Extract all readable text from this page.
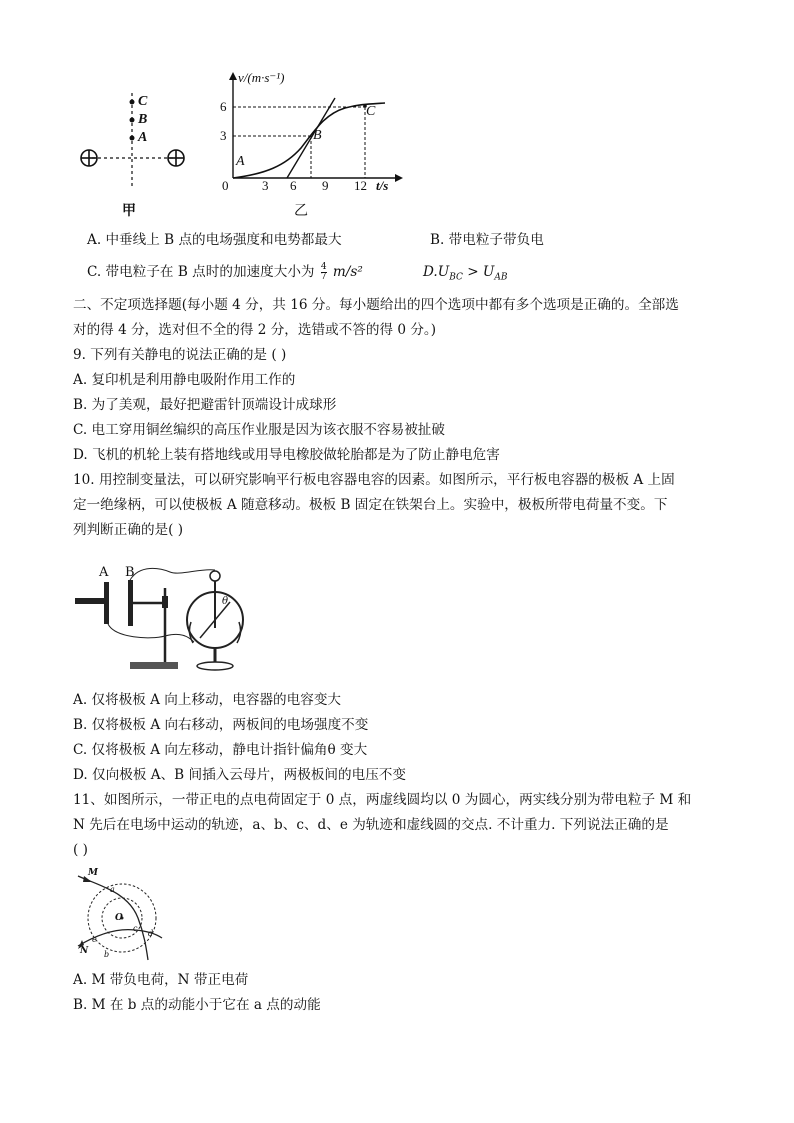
C
B
A
甲
v/(m·s⁻¹)
t/s
6
3
0	3 6 9 12
A
B
C
乙
A. 中垂线上 B 点的电场强度和电势都最大	B. 带电粒子带负电
C. 带电粒子在 B 点时的加速度大小为 $\frac{4}{7} m/s^2$	$D.U_{BC} > U_{AB}$
二、不定项选择题(每小题 4 分，共 16 分。每小题给出的四个选项中都有多个选项是正确的。全部选
对的得 4 分，选对但不全的得 2 分，选错或不答的得 0 分。)
9. 下列有关静电的说法正确的是 ( )
A. 复印机是利用静电吸附作用工作的
B. 为了美观，最好把避雷针顶端设计成球形
C. 电工穿用铜丝编织的高压作业服是因为该衣服不容易被扯破
D. 飞机的机轮上装有搭地线或用导电橡胶做轮胎都是为了防止静电危害
10. 用控制变量法，可以研究影响平行板电容器电容的因素。如图所示，平行板电容器的极板 A 上固
定一绝缘柄，可以使极板 A 随意移动。极板 B 固定在铁架台上。实验中，极板所带电荷量不变。下
列判断正确的是( )
A B
θ
A. 仅将极板 A 向上移动，电容器的电容变大
B. 仅将极板 A 向右移动，两板间的电场强度不变
C. 仅将极板 A 向左移动，静电计指针偏角θ 变大
D. 仅向极板 A、B 间插入云母片，两极板间的电压不变
11、如图所示，一带正电的点电荷固定于 0 点，两虚线圆均以 0 为圆心，两实线分别为带电粒子 M 和
N 先后在电场中运动的轨迹，a、b、c、d、e 为轨迹和虚线圆的交点. 不计重力. 下列说法正确的是
( )
M
N
O
a
b
c
d
e
A. M 带负电荷，N 带正电荷
B. M 在 b 点的动能小于它在 a 点的动能
